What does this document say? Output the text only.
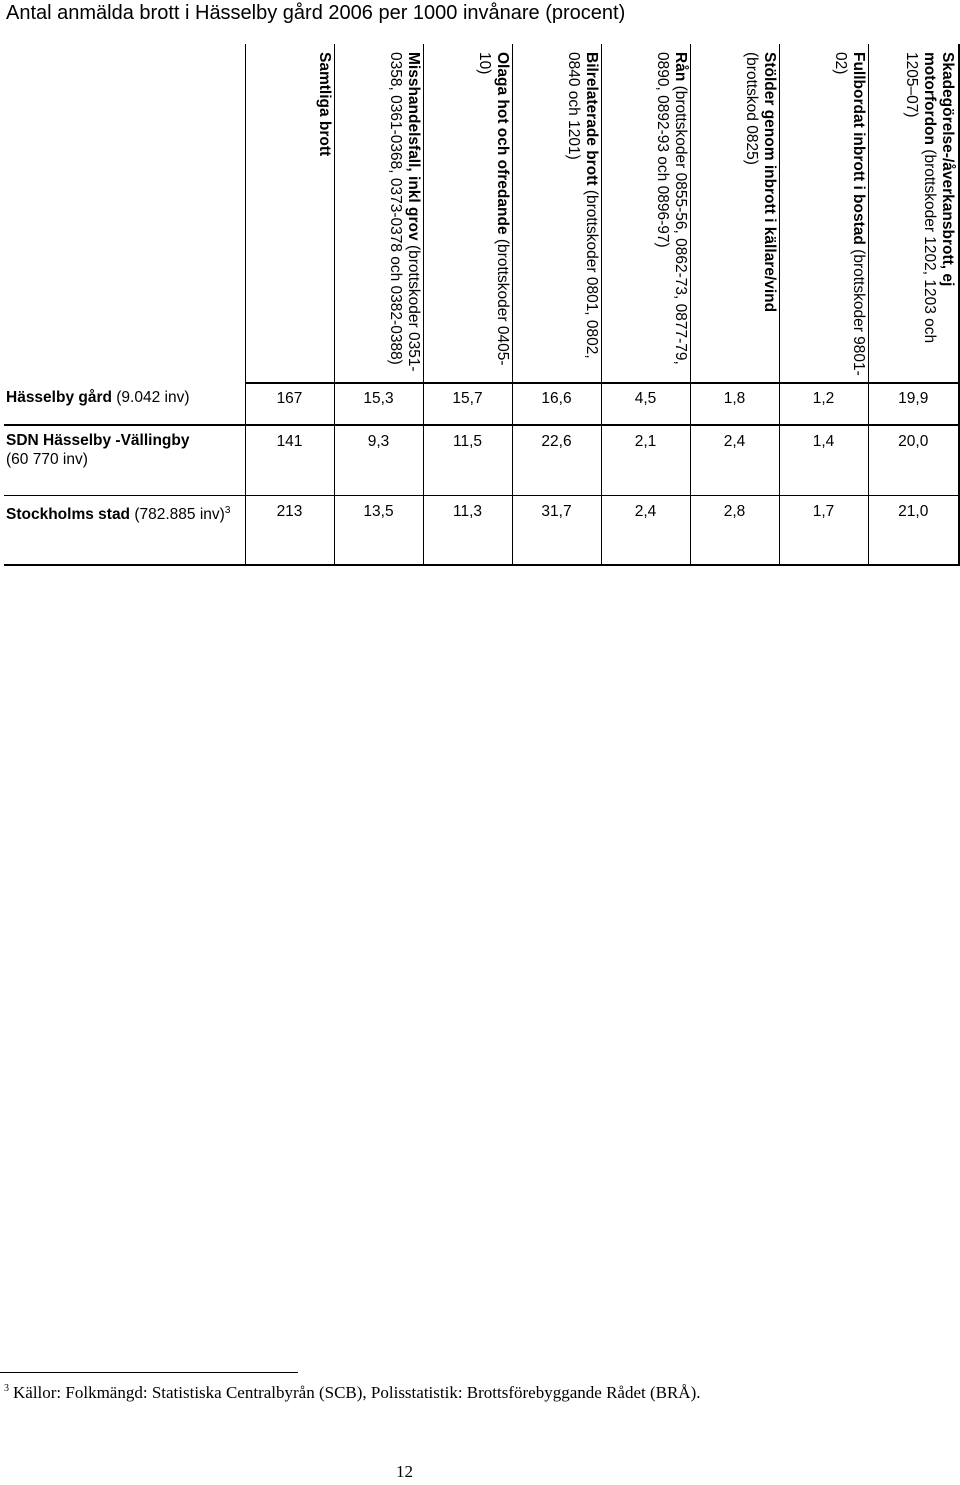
Antal anmälda brott i Hässelby gård 2006 per 1000 invånare (procent)

	Samtliga brott	Misshandelsfall, inkl grov (brottskoder 0351-0358, 0361-0368, 0373-0378 och 0382-0388)	Olaga hot och ofredande (brottskoder 0405-10)	Bilrelaterade brott (brottskoder 0801, 0802, 0840 och 1201)	Rån (brottskoder 0855-56, 0862-73, 0877-79, 0890, 0892-93 och 0896-97)	Stölder genom inbrott i källare/vind (brottskod 0825)	Fullbordat inbrott i bostad (brottskoder 9801-02)	Skadegörelse-/åverkansbrott, ej motorfordon (brottskoder 1202, 1203 och 1205–07)

Hässelby gård (9.042 inv)	167	15,3	15,7	16,6	4,5	1,8	1,2	19,9
SDN Hässelby -Vällingby
(60 770 inv)	141	9,3	11,5	22,6	2,1	2,4	1,4	20,0
Stockholms stad (782.885 inv)$^3$	213	13,5	11,3	31,7	2,4	2,8	1,7	21,0
$^3$ Källor: Folkmängd: Statistiska Centralbyrån (SCB), Polisstatistik: Brottsförebyggande Rådet (BRÅ).
12
